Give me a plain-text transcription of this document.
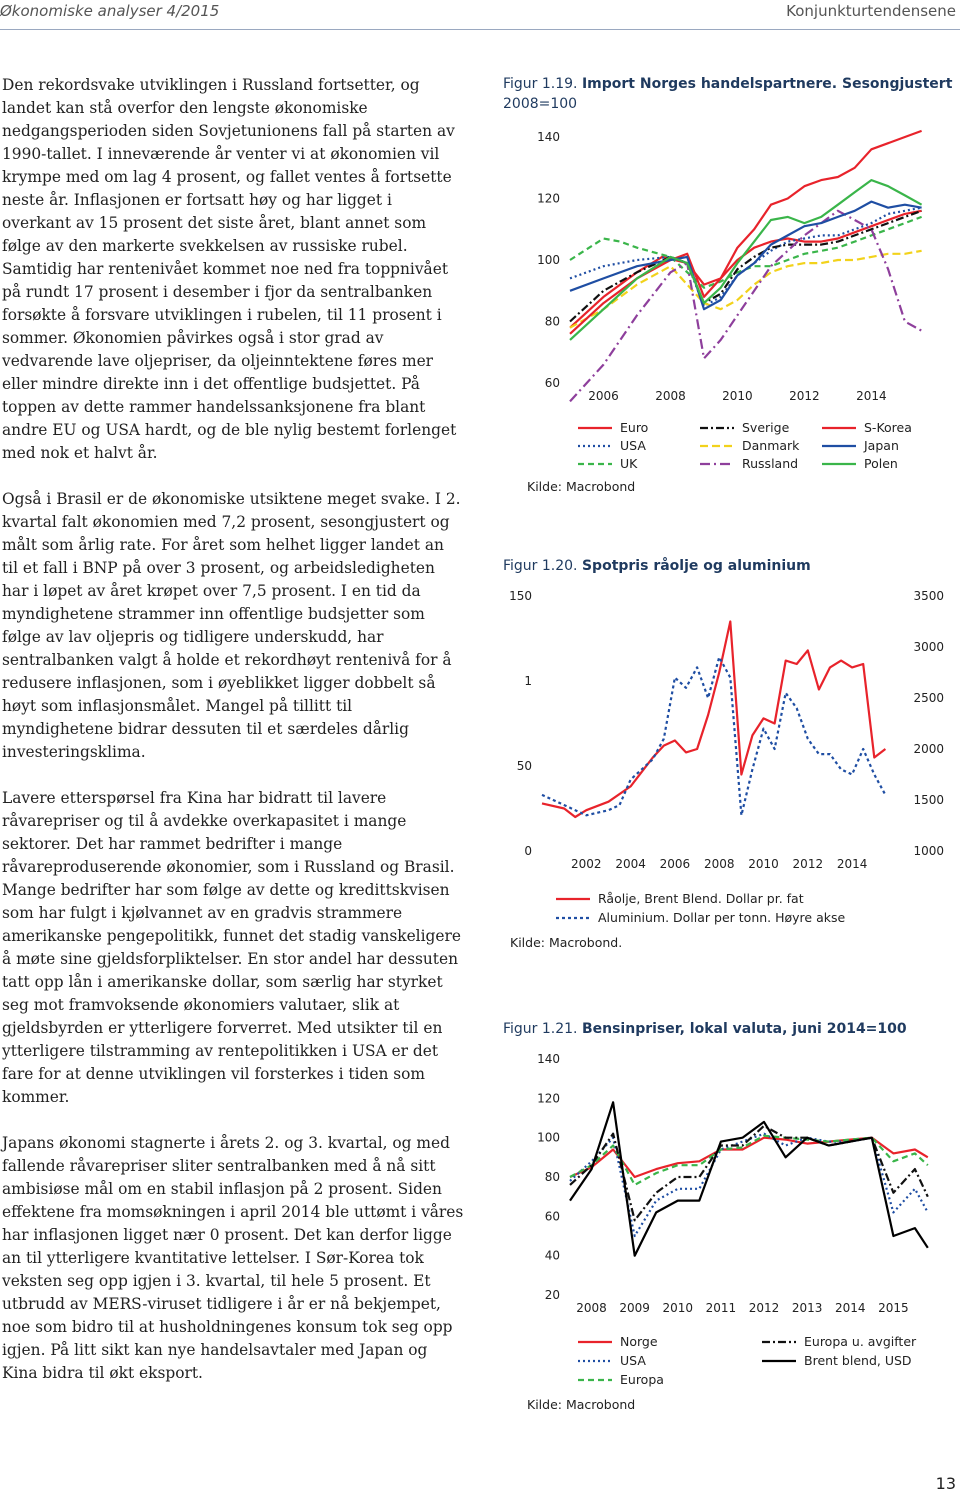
Økonomiske analyser 4/2015	Konjunkturtendensene

Den rekordsvake utviklingen i Russland fortsetter, og landet kan stå overfor den lengste økonomiske nedgangsperioden siden Sovjetunionens fall på starten av 1990-tallet. I inneværende år venter vi at økonomien vil krympe med om lag 4 prosent, og fallet ventes å fortsette neste år. Inflasjonen er fortsatt høy og har ligget i overkant av 15 prosent det siste året, blant annet som følge av den markerte svekkelsen av russiske rubel. Samtidig har rentenivået kommet noe ned fra toppnivået på rundt 17 prosent i desember i fjor da sentralbanken forsøkte å forsvare utviklingen i rubelen, til 11 prosent i sommer. Økonomien påvirkes også i stor grad av vedvarende lave oljepriser, da oljeinntektene føres mer eller mindre direkte inn i det offentlige budsjettet. På toppen av dette rammer handelssanksjonene fra blant andre EU og USA hardt, og de ble nylig bestemt forlenget med nok et halvt år.

Også i Brasil er de økonomiske utsiktene meget svake. I 2. kvartal falt økonomien med 7,2 prosent, sesongjustert og målt som årlig rate. For året som helhet ligger landet an til et fall i BNP på over 3 prosent, og arbeidsledigheten har i løpet av året krøpet over 7,5 prosent. I en tid da myndighetene strammer inn offentlige budsjetter som følge av lav oljepris og tidligere underskudd, har sentralbanken valgt å holde et rekordhøyt rentenivå for å redusere inflasjonen, som i øyeblikket ligger dobbelt så høyt som inflasjonsmålet. Mangel på tillitt til myndighetene bidrar dessuten til et særdeles dårlig investeringsklima.

Lavere etterspørsel fra Kina har bidratt til lavere råvarepriser og til å avdekke overkapasitet i mange sektorer. Det har rammet bedrifter i mange råvareproduserende økonomier, som i Russland og Brasil. Mange bedrifter har som følge av dette og kredittskvisen som har fulgt i kjølvannet av en gradvis strammere amerikanske pengepolitikk, funnet det stadig vanskeligere å møte sine gjeldsforpliktelser. En stor andel har dessuten tatt opp lån i amerikanske dollar, som særlig har styrket seg mot framvoksende økonomiers valutaer, slik at gjeldsbyrden er ytterligere forverret. Med utsikter til en ytterligere tilstramming av rentepolitikken i USA er det fare for at denne utviklingen vil forsterkes i tiden som kommer.

Japans økonomi stagnerte i årets 2. og 3. kvartal, og med fallende råvarepriser sliter sentralbanken med å nå sitt ambisiøse mål om en stabil inflasjon på 2 prosent. Siden effektene fra momsøkningen i april 2014 ble uttømt i våres har inflasjonen ligget nær 0 prosent. Det kan derfor ligge an til ytterligere kvantitative lettelser. I Sør-Korea tok veksten seg opp igjen i 3. kvartal, til hele 5 prosent. Et utbrudd av MERS-viruset tidligere i år er nå bekjempet, noe som bidro til at husholdningenes konsum tok seg opp igjen. På litt sikt kan nye handelsavtaler med Japan og Kina bidra til økt eksport.

Figur 1.19. Import Norges handelspartnere. Sesongjustert
2008=100
60
80
100
120
140
2006	2008	2010	2012	2014
Euro
USA
UK
Sverige
Danmark
Russland
S-Korea
Japan
Polen
Kilde: Macrobond
Figur 1.20. Spotpris råolje og aluminium
0
50
1
150
1000
1500
2000
2500
3000
3500
2002 2004 2006 2008 2010 2012 2014
Råolje, Brent Blend. Dollar pr. fat
Aluminium. Dollar per tonn. Høyre akse
Kilde: Macrobond.
Figur 1.21. Bensinpriser, lokal valuta, juni 2014=100
20
40
60
80
100
120
140
2008 2009 2010 2011 2012 2013 2014 2015
Norge
USA
Europa
Europa u. avgifter
Brent blend, USD
Kilde: Macrobond
13
